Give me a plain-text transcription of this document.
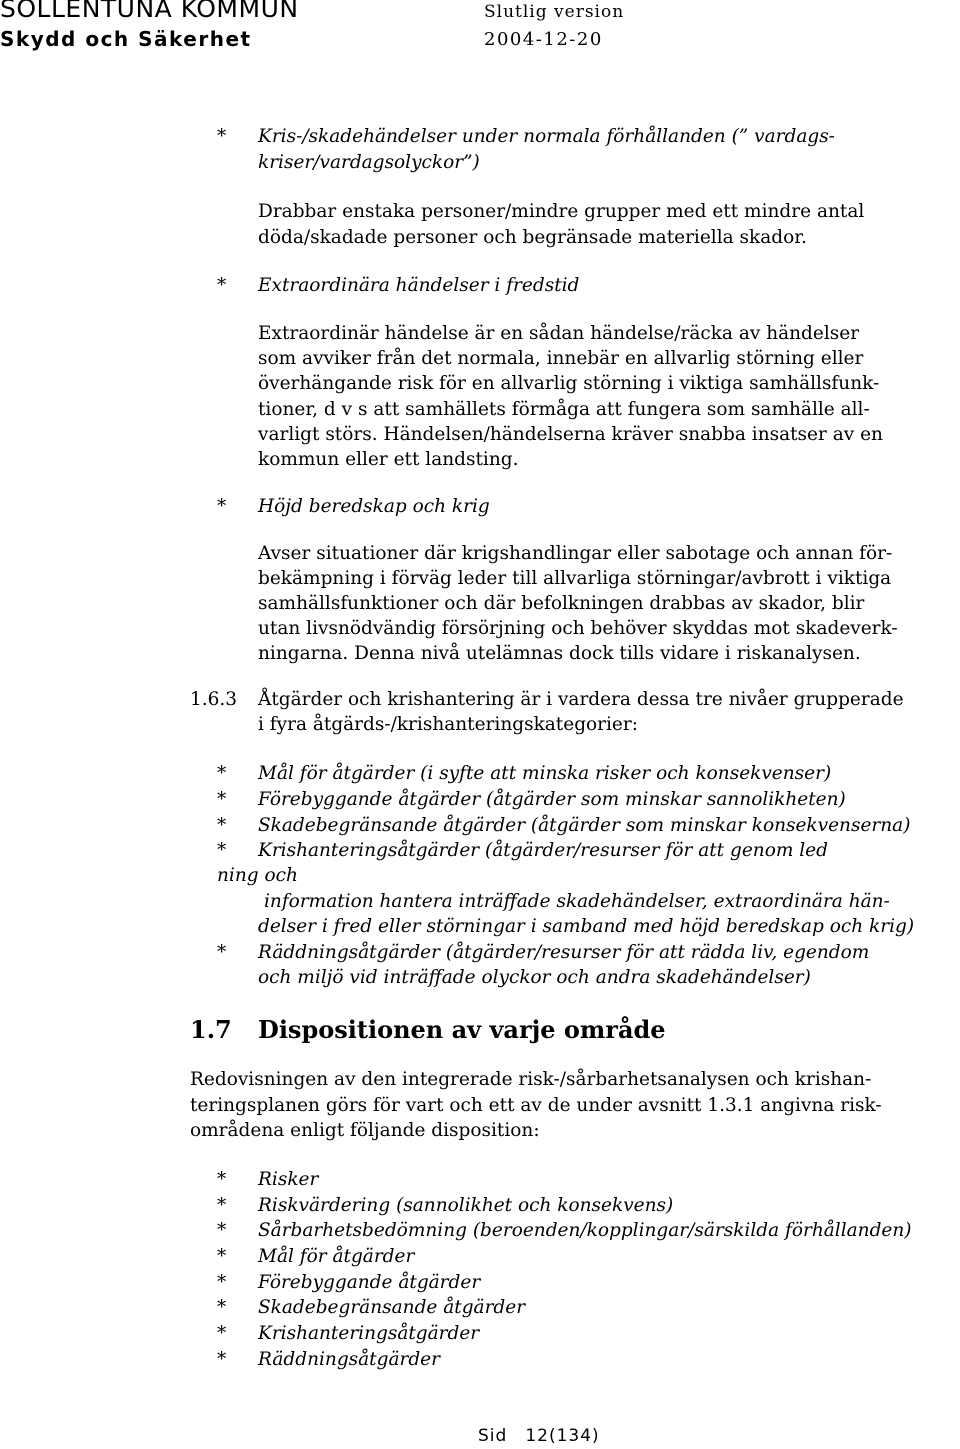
SOLLENTUNA KOMMUN
Skydd och Säkerhet
Slutlig version
2004-12-20
* Kris-/skadehändelser under normala förhållanden (” vardags-
kriser/vardagsolyckor”)
Drabbar enstaka personer/mindre grupper med ett mindre antal
döda/skadade personer och begränsade materiella skador.
* Extraordinära händelser i fredstid
Extraordinär händelse är en sådan händelse/räcka av händelser
som avviker från det normala, innebär en allvarlig störning eller
överhängande risk för en allvarlig störning i viktiga samhällsfunk-
tioner, d v s att samhällets förmåga att fungera som samhälle all-
varligt störs. Händelsen/händelserna kräver snabba insatser av en
kommun eller ett landsting.
* Höjd beredskap och krig
Avser situationer där krigshandlingar eller sabotage och annan för-
bekämpning i förväg leder till allvarliga störningar/avbrott i viktiga
samhällsfunktioner och där befolkningen drabbas av skador, blir
utan livsnödvändig försörjning och behöver skyddas mot skadeverk-
ningarna. Denna nivå utelämnas dock tills vidare i riskanalysen.
1.6.3 Åtgärder och krishantering är i vardera dessa tre nivåer grupperade
i fyra åtgärds-/krishanteringskategorier:
* Mål för åtgärder (i syfte att minska risker och konsekvenser)
* Förebyggande åtgärder (åtgärder som minskar sannolikheten)
* Skadebegränsande åtgärder (åtgärder som minskar konsekvenserna)
* Krishanteringsåtgärder (åtgärder/resurser för att genom led
ning och
information hantera inträffade skadehändelser, extraordinära hän-
delser i fred eller störningar i samband med höjd beredskap och krig)
* Räddningsåtgärder (åtgärder/resurser för att rädda liv, egendom
och miljö vid inträffade olyckor och andra skadehändelser)
1.7 Dispositionen av varje område
Redovisningen av den integrerade risk-/sårbarhetsanalysen och krishan-
teringsplanen görs för vart och ett av de under avsnitt 1.3.1 angivna risk-
områdena enligt följande disposition:
* Risker
* Riskvärdering (sannolikhet och konsekvens)
* Sårbarhetsbedömning (beroenden/kopplingar/särskilda förhållanden)
* Mål för åtgärder
* Förebyggande åtgärder
* Skadebegränsande åtgärder
* Krishanteringsåtgärder
* Räddningsåtgärder
Sid 12(134)
